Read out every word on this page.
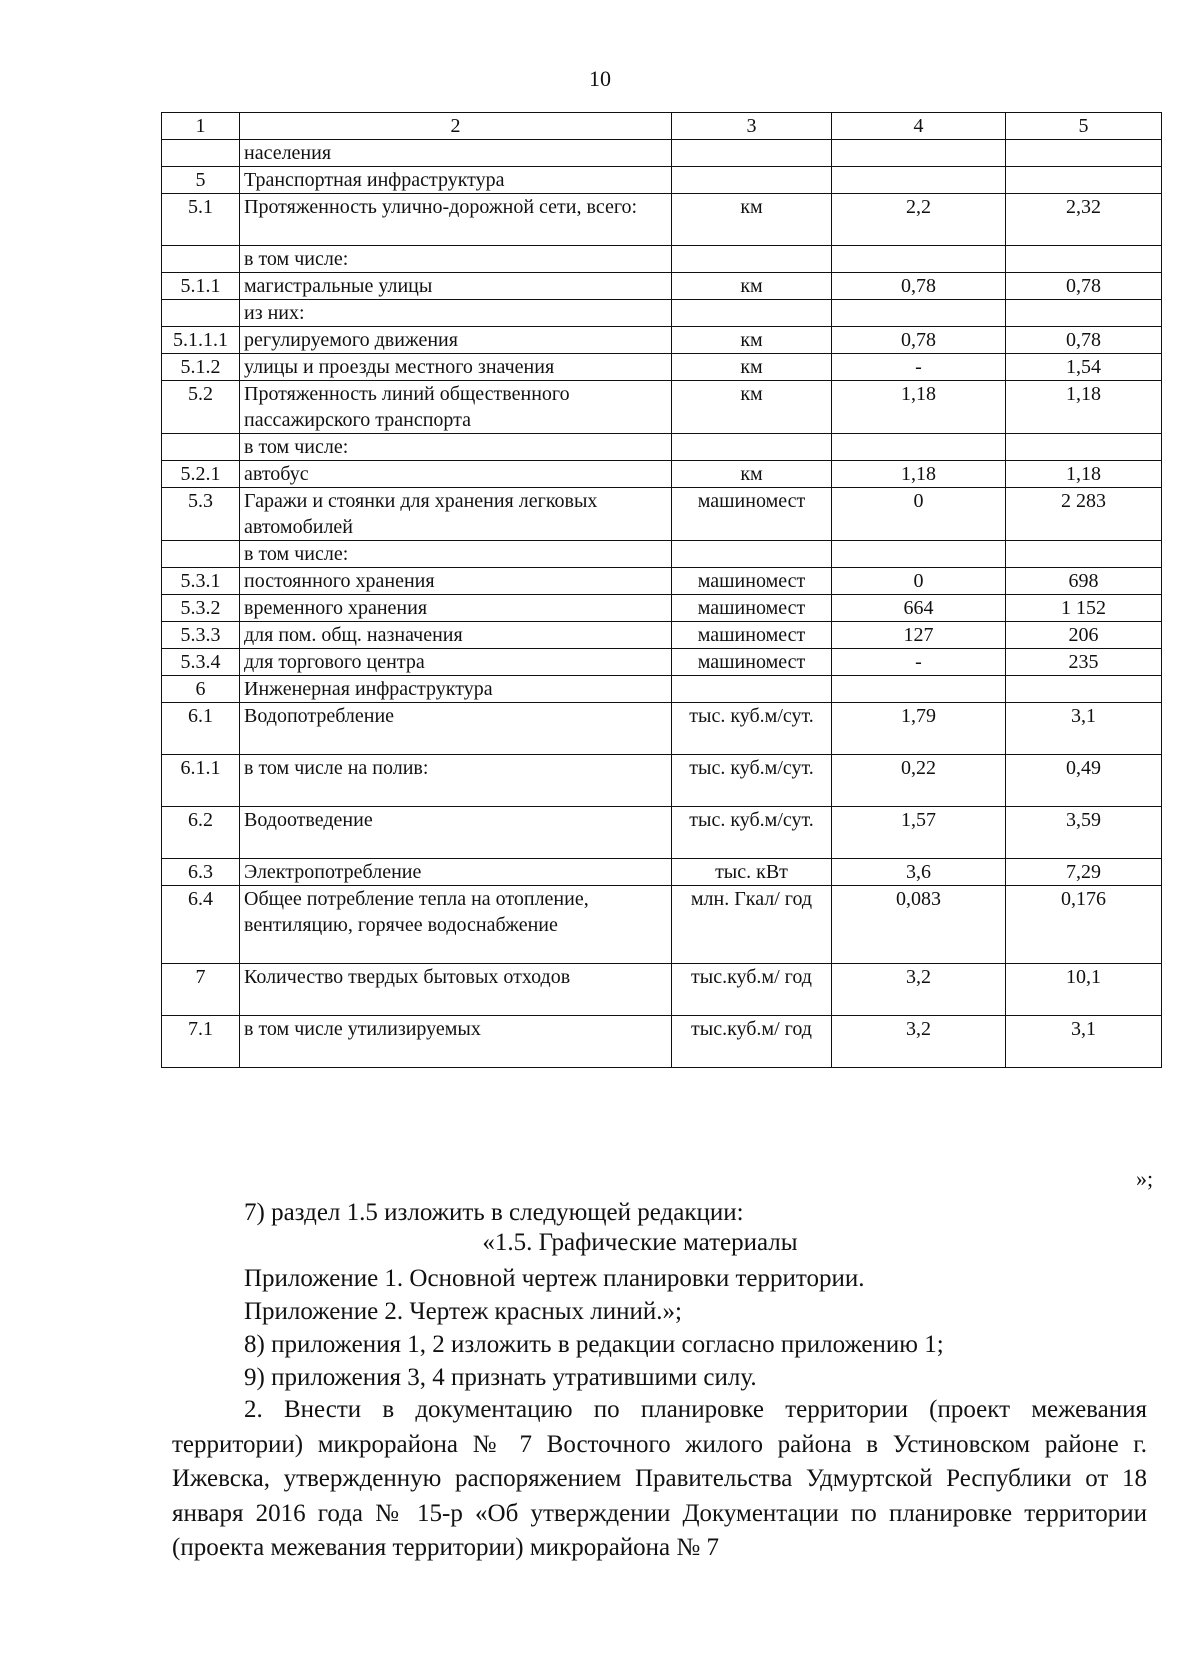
10
1	2	3	4	5
	населения			
5	Транспортная инфраструктура			
5.1	Протяженность улично-дорожной сети, всего:	км	2,2	2,32
	в том числе:			
5.1.1	магистральные улицы	км	0,78	0,78
	из них:			
5.1.1.1	регулируемого движения	км	0,78	0,78
5.1.2	улицы и проезды местного значения	км	-	1,54
5.2	Протяженность линий общественного пассажирского транспорта	км	1,18	1,18
	в том числе:			
5.2.1	автобус	км	1,18	1,18
5.3	Гаражи и стоянки для хранения легковых автомобилей	машиномест	0	2 283
	в том числе:			
5.3.1	постоянного хранения	машиномест	0	698
5.3.2	временного хранения	машиномест	664	1 152
5.3.3	для пом. общ. назначения	машиномест	127	206
5.3.4	для торгового центра	машиномест	-	235
6	Инженерная инфраструктура			
6.1	Водопотребление	тыс. куб.м/сут.	1,79	3,1
6.1.1	в том числе на полив:	тыс. куб.м/сут.	0,22	0,49
6.2	Водоотведение	тыс. куб.м/сут.	1,57	3,59
6.3	Электропотребление	тыс. кВт	3,6	7,29
6.4	Общее потребление тепла на отопление, вентиляцию, горячее водоснабжение	млн. Гкал/ год	0,083	0,176
7	Количество твердых бытовых отходов	тыс.куб.м/ год	3,2	10,1
7.1	в том числе утилизируемых	тыс.куб.м/ год	3,2	3,1
»;
7) раздел 1.5 изложить в следующей редакции:
«1.5. Графические материалы
Приложение 1. Основной чертеж планировки территории.
Приложение 2. Чертеж красных линий.»;
8) приложения 1, 2 изложить в редакции согласно приложению 1;
9) приложения 3, 4 признать утратившими силу.
2. Внести в документацию по планировке территории (проект межевания территории) микрорайона № 7 Восточного жилого района в Устиновском районе г. Ижевска, утвержденную распоряжением Правительства Удмуртской Республики от 18 января 2016 года № 15-р «Об утверждении Документации по планировке территории (проекта межевания территории) микрорайона № 7
